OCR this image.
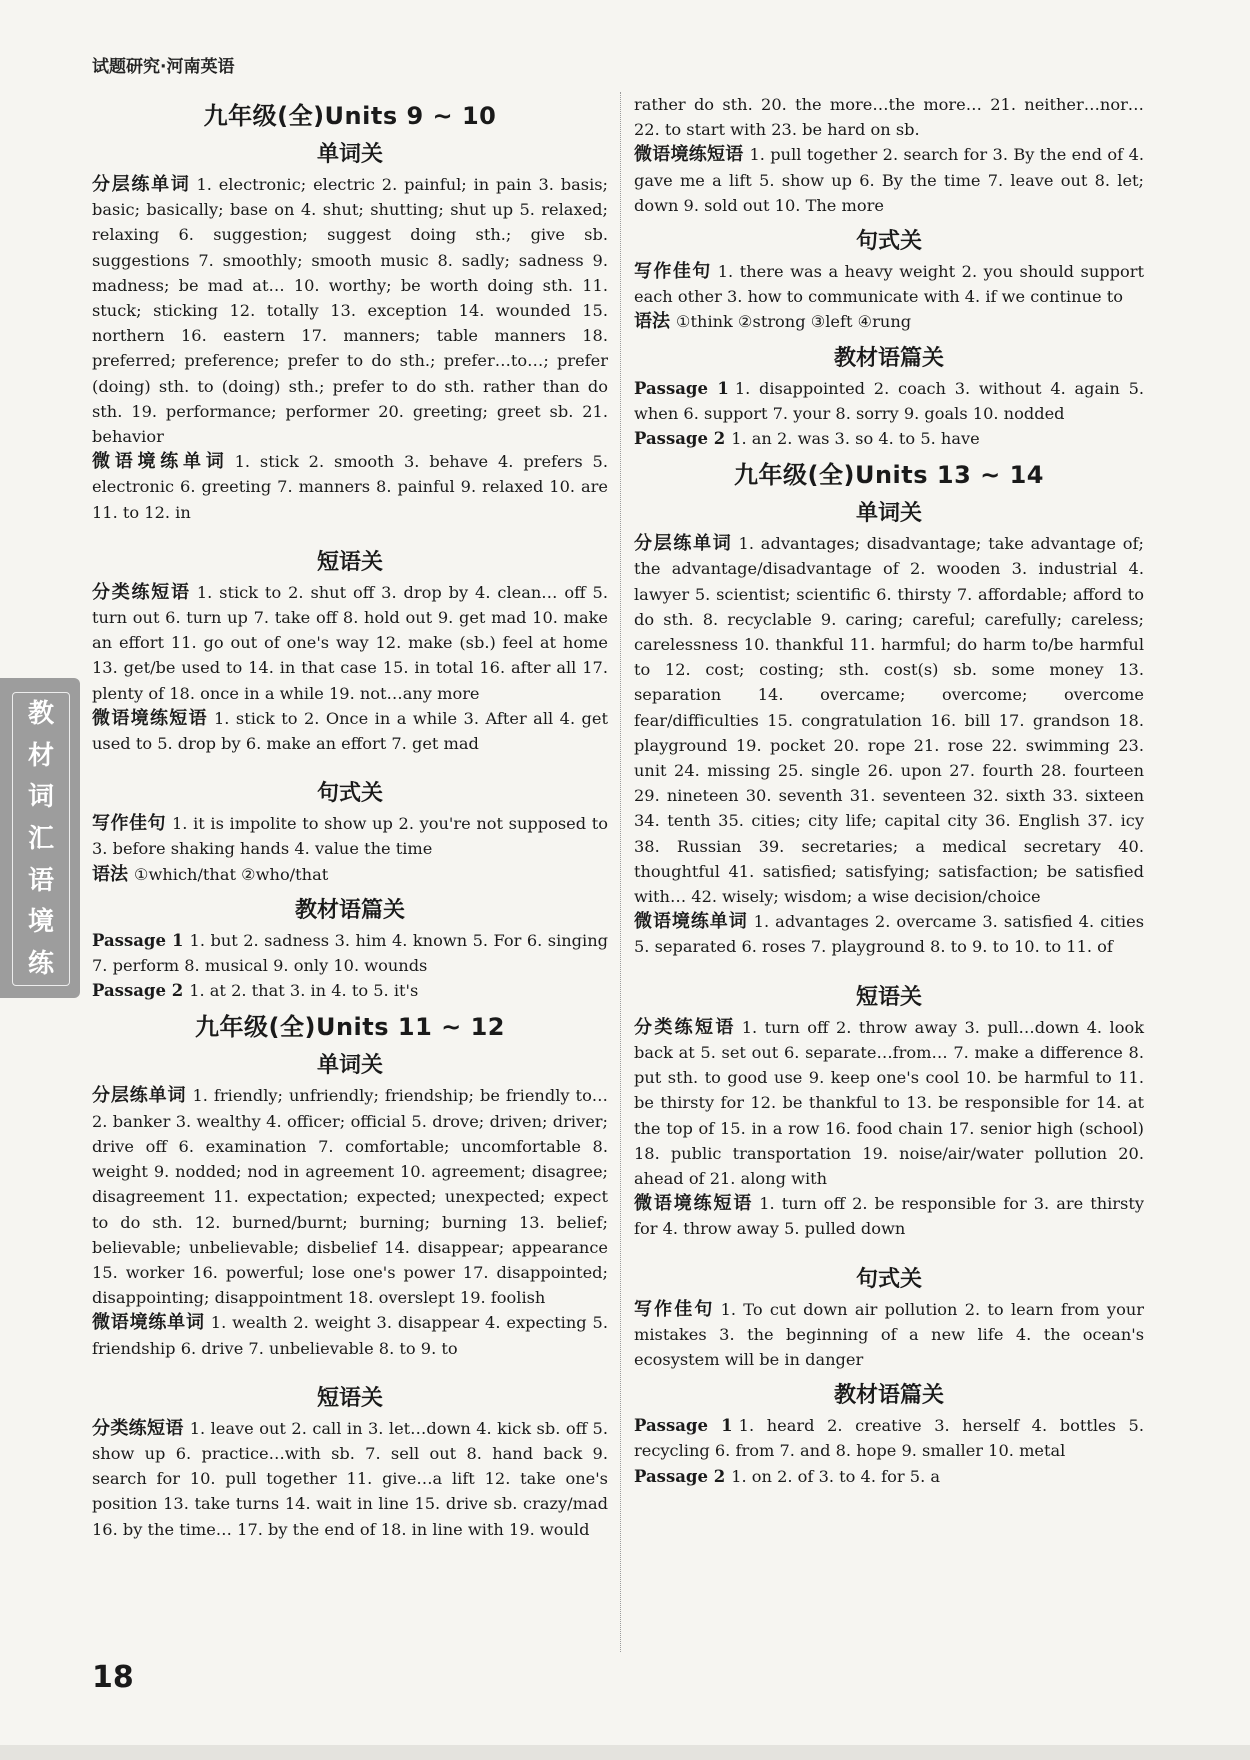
试题研究·河南英语
九年级(全)Units 9 ~ 10
单词关

分层练单词 1. electronic; electric 2. painful; in pain 3. basis; basic; basically; base on 4. shut; shutting; shut up 5. relaxed; relaxing 6. suggestion; suggest doing sth.; give sb. suggestions 7. smoothly; smooth music 8. sadly; sadness 9. madness; be mad at… 10. worthy; be worth doing sth. 11. stuck; sticking 12. totally 13. exception 14. wounded 15. northern 16. eastern 17. manners; table manners 18. preferred; preference; prefer to do sth.; prefer…to…; prefer (doing) sth. to (doing) sth.; prefer to do sth. rather than do sth. 19. performance; performer 20. greeting; greet sb. 21. behavior

微语境练单词 1. stick 2. smooth 3. behave 4. prefers 5. electronic 6. greeting 7. manners 8. painful 9. relaxed 10. are 11. to 12. in

短语关

分类练短语 1. stick to 2. shut off 3. drop by 4. clean… off 5. turn out 6. turn up 7. take off 8. hold out 9. get mad 10. make an effort 11. go out of one's way 12. make (sb.) feel at home 13. get/be used to 14. in that case 15. in total 16. after all 17. plenty of 18. once in a while 19. not…any more

微语境练短语 1. stick to 2. Once in a while 3. After all 4. get used to 5. drop by 6. make an effort 7. get mad

句式关

写作佳句 1. it is impolite to show up 2. you're not supposed to 3. before shaking hands 4. value the time

语法 ①which/that ②who/that

教材语篇关

Passage 1 1. but 2. sadness 3. him 4. known 5. For 6. singing 7. perform 8. musical 9. only 10. wounds

Passage 2 1. at 2. that 3. in 4. to 5. it's

九年级(全)Units 11 ~ 12
单词关

分层练单词 1. friendly; unfriendly; friendship; be friendly to… 2. banker 3. wealthy 4. officer; official 5. drove; driven; driver; drive off 6. examination 7. comfortable; uncomfortable 8. weight 9. nodded; nod in agreement 10. agreement; disagree; disagreement 11. expectation; expected; unexpected; expect to do sth. 12. burned/burnt; burning; burning 13. belief; believable; unbelievable; disbelief 14. disappear; appearance 15. worker 16. powerful; lose one's power 17. disappointed; disappointing; disappointment 18. overslept 19. foolish

微语境练单词 1. wealth 2. weight 3. disappear 4. expecting 5. friendship 6. drive 7. unbelievable 8. to 9. to

短语关

分类练短语 1. leave out 2. call in 3. let…down 4. kick sb. off 5. show up 6. practice…with sb. 7. sell out 8. hand back 9. search for 10. pull together 11. give…a lift 12. take one's position 13. take turns 14. wait in line 15. drive sb. crazy/mad 16. by the time… 17. by the end of 18. in line with 19. would

rather do sth. 20. the more…the more… 21. neither…nor… 22. to start with 23. be hard on sb.

微语境练短语 1. pull together 2. search for 3. By the end of 4. gave me a lift 5. show up 6. By the time 7. leave out 8. let; down 9. sold out 10. The more

句式关

写作佳句 1. there was a heavy weight 2. you should support each other 3. how to communicate with 4. if we continue to

语法 ①think ②strong ③left ④rung

教材语篇关

Passage 1 1. disappointed 2. coach 3. without 4. again 5. when 6. support 7. your 8. sorry 9. goals 10. nodded

Passage 2 1. an 2. was 3. so 4. to 5. have

九年级(全)Units 13 ~ 14
单词关

分层练单词 1. advantages; disadvantage; take advantage of; the advantage/disadvantage of 2. wooden 3. industrial 4. lawyer 5. scientist; scientific 6. thirsty 7. affordable; afford to do sth. 8. recyclable 9. caring; careful; carefully; careless; carelessness 10. thankful 11. harmful; do harm to/be harmful to 12. cost; costing; sth. cost(s) sb. some money 13. separation 14. overcame; overcome; overcome fear/difficulties 15. congratulation 16. bill 17. grandson 18. playground 19. pocket 20. rope 21. rose 22. swimming 23. unit 24. missing 25. single 26. upon 27. fourth 28. fourteen 29. nineteen 30. seventh 31. seventeen 32. sixth 33. sixteen 34. tenth 35. cities; city life; capital city 36. English 37. icy 38. Russian 39. secretaries; a medical secretary 40. thoughtful 41. satisfied; satisfying; satisfaction; be satisfied with… 42. wisely; wisdom; a wise decision/choice

微语境练单词 1. advantages 2. overcame 3. satisfied 4. cities 5. separated 6. roses 7. playground 8. to 9. to 10. to 11. of

短语关

分类练短语 1. turn off 2. throw away 3. pull…down 4. look back at 5. set out 6. separate…from… 7. make a difference 8. put sth. to good use 9. keep one's cool 10. be harmful to 11. be thirsty for 12. be thankful to 13. be responsible for 14. at the top of 15. in a row 16. food chain 17. senior high (school) 18. public transportation 19. noise/air/water pollution 20. ahead of 21. along with

微语境练短语 1. turn off 2. be responsible for 3. are thirsty for 4. throw away 5. pulled down

句式关

写作佳句 1. To cut down air pollution 2. to learn from your mistakes 3. the beginning of a new life 4. the ocean's ecosystem will be in danger

教材语篇关

Passage 1 1. heard 2. creative 3. herself 4. bottles 5. recycling 6. from 7. and 8. hope 9. smaller 10. metal

Passage 2 1. on 2. of 3. to 4. for 5. a

教
材
词
汇
语
境
练
18
